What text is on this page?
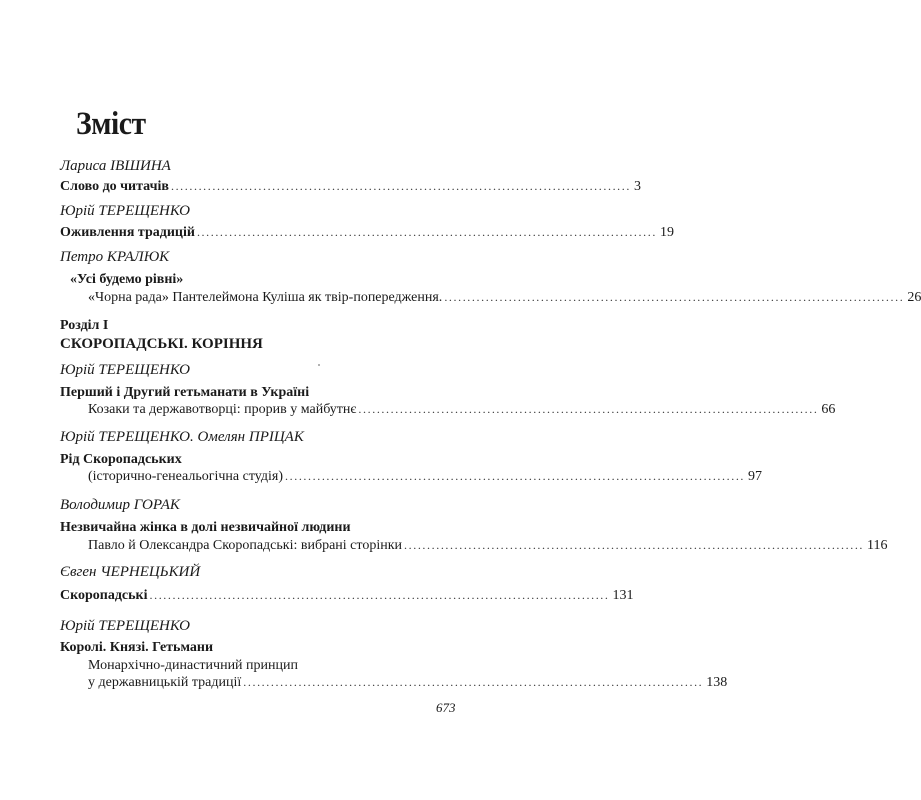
Зміст
Лариса ІВШИНА
Слово до читачів .................................................................................................... 3
Юрій ТЕРЕЩЕНКО
Оживлення традицій .................................................................................................... 19
Петро КРАЛЮК
«Усі будемо рівні»
«Чорна рада» Пантелеймона Куліша як твір-попередження. .................................................................................................... 26
Розділ І
СКОРОПАДСЬКІ. КОРІННЯ
Юрій ТЕРЕЩЕНКО
Перший і Другий гетьманати в Україні
Козаки та державотворці: прорив у майбутнє .................................................................................................... 66
Юрій ТЕРЕЩЕНКО. Омелян ПРІЦАК
Рід Скоропадських
(історично-генеальогічна студія) .................................................................................................... 97
Володимир ГОРАК
Незвичайна жінка в долі незвичайної людини
Павло й Олександра Скоропадські: вибрані сторінки .................................................................................................... 116
Євген ЧЕРНЕЦЬКИЙ
Скоропадські .................................................................................................... 131
Юрій ТЕРЕЩЕНКО
Королі. Князі. Гетьмани
Монархічно-династичний принцип
у державницькій традиції .................................................................................................... 138
673
